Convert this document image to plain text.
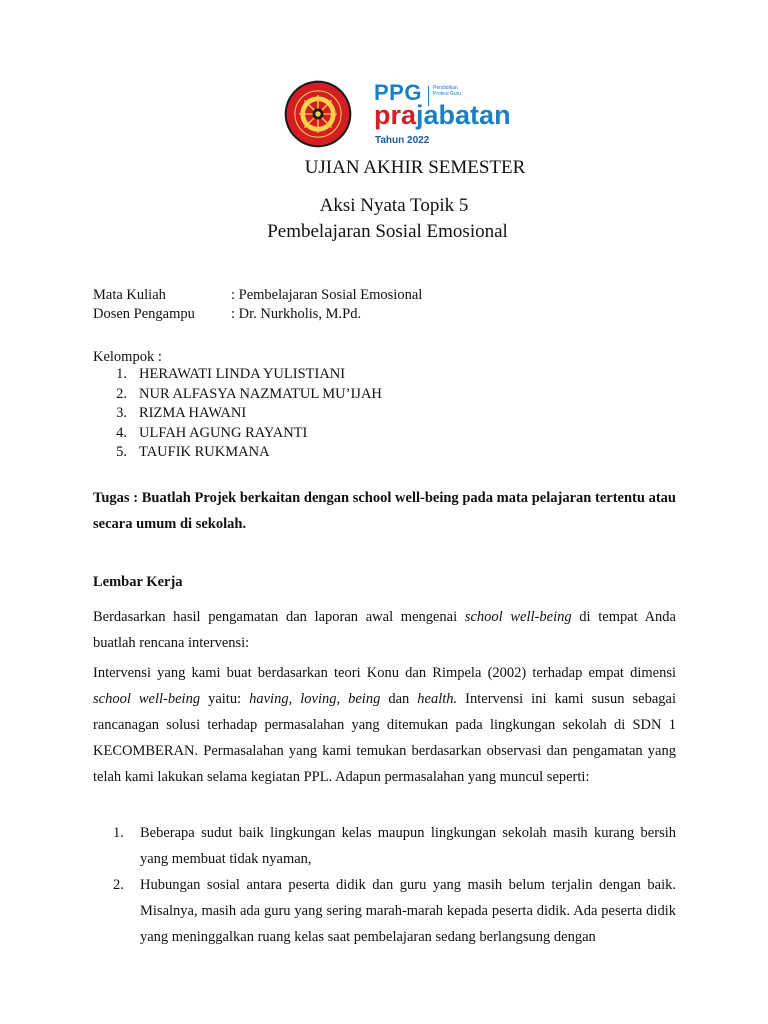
PPG Pendidikan Profesi Guru
prajabatan
Tahun 2022
UJIAN AKHIR SEMESTER
Aksi Nyata Topik 5
Pembelajaran Sosial Emosional
Mata Kuliah	: Pembelajaran Sosial Emosional
Dosen Pengampu : Dr. Nurkholis, M.Pd.
Kelompok :
1. HERAWATI LINDA YULISTIANI
2. NUR ALFASYA NAZMATUL MU’IJAH
3. RIZMA HAWANI
4. ULFAH AGUNG RAYANTI
5. TAUFIK RUKMANA
Tugas : Buatlah Projek berkaitan dengan school well-being pada mata pelajaran tertentu atau secara umum di sekolah.
Lembar Kerja
Berdasarkan hasil pengamatan dan laporan awal mengenai school well-being di tempat Anda buatlah rencana intervensi:
Intervensi yang kami buat berdasarkan teori Konu dan Rimpela (2002) terhadap empat dimensi school well-being yaitu: having, loving, being dan health. Intervensi ini kami susun sebagai rancanagan solusi terhadap permasalahan yang ditemukan pada lingkungan sekolah di SDN 1 KECOMBERAN. Permasalahan yang kami temukan berdasarkan observasi dan pengamatan yang telah kami lakukan selama kegiatan PPL. Adapun permasalahan yang muncul seperti:
1. Beberapa sudut baik lingkungan kelas maupun lingkungan sekolah masih kurang bersih yang membuat tidak nyaman,
2. Hubungan sosial antara peserta didik dan guru yang masih belum terjalin dengan baik. Misalnya, masih ada guru yang sering marah-marah kepada peserta didik. Ada peserta didik yang meninggalkan ruang kelas saat pembelajaran sedang berlangsung dengan
